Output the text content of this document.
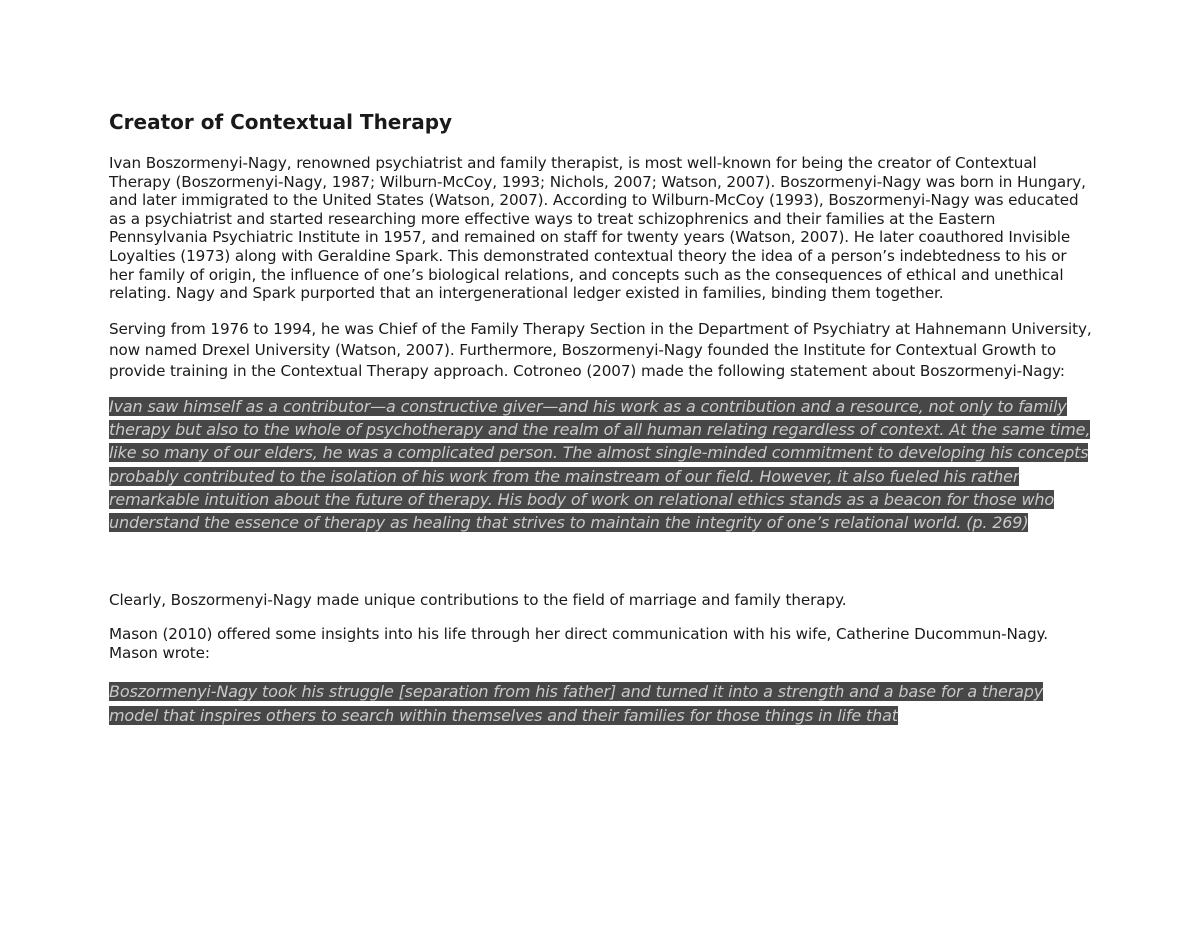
Creator of Contextual Therapy

Ivan Boszormenyi-Nagy, renowned psychiatrist and family therapist, is most well-known for being the creator of Contextual Therapy (Boszormenyi-Nagy, 1987; Wilburn-McCoy, 1993; Nichols, 2007; Watson, 2007). Boszormenyi-Nagy was born in Hungary, and later immigrated to the United States (Watson, 2007). According to Wilburn-McCoy (1993), Boszormenyi-Nagy was educated as a psychiatrist and started researching more effective ways to treat schizophrenics and their families at the Eastern Pennsylvania Psychiatric Institute in 1957, and remained on staff for twenty years (Watson, 2007). He later coauthored Invisible Loyalties (1973) along with Geraldine Spark. This demonstrated contextual theory the idea of a person’s indebtedness to his or her family of origin, the influence of one’s biological relations, and concepts such as the consequences of ethical and unethical relating. Nagy and Spark purported that an intergenerational ledger existed in families, binding them together.

Serving from 1976 to 1994, he was Chief of the Family Therapy Section in the Department of Psychiatry at Hahnemann University, now named Drexel University (Watson, 2007). Furthermore, Boszormenyi-Nagy founded the Institute for Contextual Growth to provide training in the Contextual Therapy approach. Cotroneo (2007) made the following statement about Boszormenyi-Nagy:

Ivan saw himself as a contributor—a constructive giver—and his work as a contribution and a resource, not only to family therapy but also to the whole of psychotherapy and the realm of all human relating regardless of context. At the same time, like so many of our elders, he was a complicated person. The almost single-minded commitment to developing his concepts probably contributed to the isolation of his work from the mainstream of our field. However, it also fueled his rather remarkable intuition about the future of therapy. His body of work on relational ethics stands as a beacon for those who understand the essence of therapy as healing that strives to maintain the integrity of one’s relational world. (p. 269)

Clearly, Boszormenyi-Nagy made unique contributions to the field of marriage and family therapy.

Mason (2010) offered some insights into his life through her direct communication with his wife, Catherine Ducommun-Nagy. Mason wrote:

Boszormenyi-Nagy took his struggle [separation from his father] and turned it into a strength and a base for a therapy model that inspires others to search within themselves and their families for those things in life that
